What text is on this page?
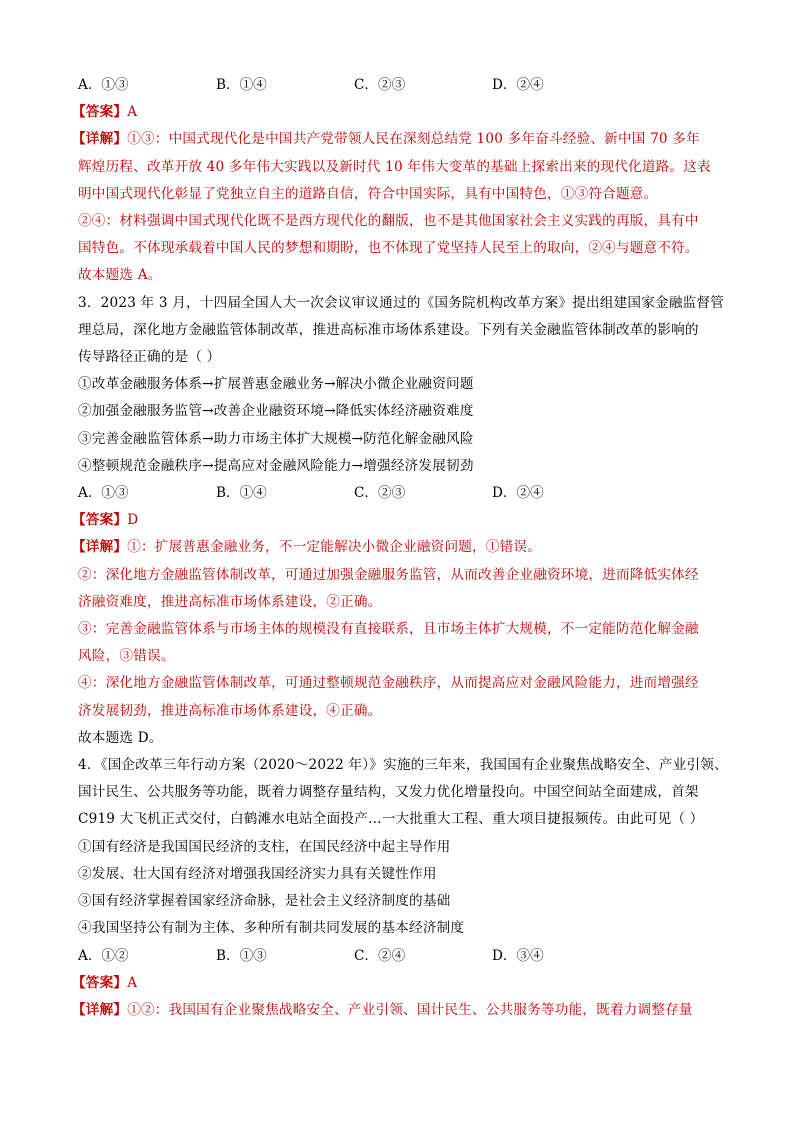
A．①③	B．①④	C．②③	D．②④
【答案】A
【详解】①③：中国式现代化是中国共产党带领人民在深刻总结党 100 多年奋斗经验、新中国 70 多年
辉煌历程、改革开放 40 多年伟大实践以及新时代 10 年伟大变革的基础上探索出来的现代化道路。这表
明中国式现代化彰显了党独立自主的道路自信，符合中国实际，具有中国特色，①③符合题意。
②④：材料强调中国式现代化既不是西方现代化的翻版，也不是其他国家社会主义实践的再版，具有中
国特色。不体现承载着中国人民的梦想和期盼，也不体现了党坚持人民至上的取向，②④与题意不符。
故本题选 A。
3．2023 年 3 月，十四届全国人大一次会议审议通过的《国务院机构改革方案》提出组建国家金融监督管
理总局，深化地方金融监管体制改革，推进高标准市场体系建设。下列有关金融监管体制改革的影响的
传导路径正确的是（ ）
①改革金融服务体系→扩展普惠金融业务→解决小微企业融资问题
②加强金融服务监管→改善企业融资环境→降低实体经济融资难度
③完善金融监管体系→助力市场主体扩大规模→防范化解金融风险
④整顿规范金融秩序→提高应对金融风险能力→增强经济发展韧劲
A．①③	B．①④	C．②③	D．②④
【答案】D
【详解】①：扩展普惠金融业务，不一定能解决小微企业融资问题，①错误。
②：深化地方金融监管体制改革，可通过加强金融服务监管，从而改善企业融资环境，进而降低实体经
济融资难度，推进高标准市场体系建设，②正确。
③：完善金融监管体系与市场主体的规模没有直接联系，且市场主体扩大规模，不一定能防范化解金融
风险，③错误。
④：深化地方金融监管体制改革，可通过整顿规范金融秩序，从而提高应对金融风险能力，进而增强经
济发展韧劲，推进高标准市场体系建设，④正确。
故本题选 D。
4．《国企改革三年行动方案（2020～2022 年）》实施的三年来，我国国有企业聚焦战略安全、产业引领、
国计民生、公共服务等功能，既着力调整存量结构，又发力优化增量投向。中国空间站全面建成，首架
C919 大飞机正式交付，白鹤滩水电站全面投产…一大批重大工程、重大项目捷报频传。由此可见（ ）
①国有经济是我国国民经济的支柱，在国民经济中起主导作用
②发展、壮大国有经济对增强我国经济实力具有关键性作用
③国有经济掌握着国家经济命脉，是社会主义经济制度的基础
④我国坚持公有制为主体、多种所有制共同发展的基本经济制度
A．①②	B．①③	C．②④	D．③④
【答案】A
【详解】①②：我国国有企业聚焦战略安全、产业引领、国计民生、公共服务等功能，既着力调整存量
